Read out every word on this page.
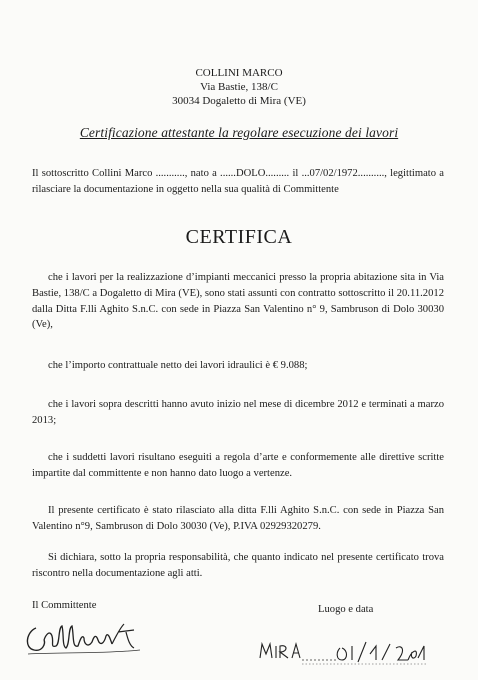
COLLINI MARCO
Via Bastie, 138/C
30034 Dogaletto di Mira (VE)
Certificazione attestante la regolare esecuzione dei lavori
Il sottoscritto Collini Marco ..........., nato a ......DOLO......... il ...07/02/1972.........., legittimato a rilasciare la documentazione in oggetto nella sua qualità di Committente
CERTIFICA
che i lavori per la realizzazione d’impianti meccanici presso la propria abitazione sita in Via Bastie, 138/C a Dogaletto di Mira (VE), sono stati assunti con contratto sottoscritto il 20.11.2012 dalla Ditta F.lli Aghito S.n.C. con sede in Piazza San Valentino n° 9, Sambruson di Dolo 30030 (Ve),
che l’importo contrattuale netto dei lavori idraulici è € 9.088;
che i lavori sopra descritti hanno avuto inizio nel mese di dicembre 2012 e terminati a marzo 2013;
che i suddetti lavori risultano eseguiti a regola d’arte e conformemente alle direttive scritte impartite dal committente e non hanno dato luogo a vertenze.
Il presente certificato è stato rilasciato alla ditta F.lli Aghito S.n.C. con sede in Piazza San Valentino n°9, Sambruson di Dolo 30030 (Ve), P.IVA 02929320279.
Si dichiara, sotto la propria responsabilità, che quanto indicato nel presente certificato trova riscontro nella documentazione agli atti.
Il Committente	Luogo e data
